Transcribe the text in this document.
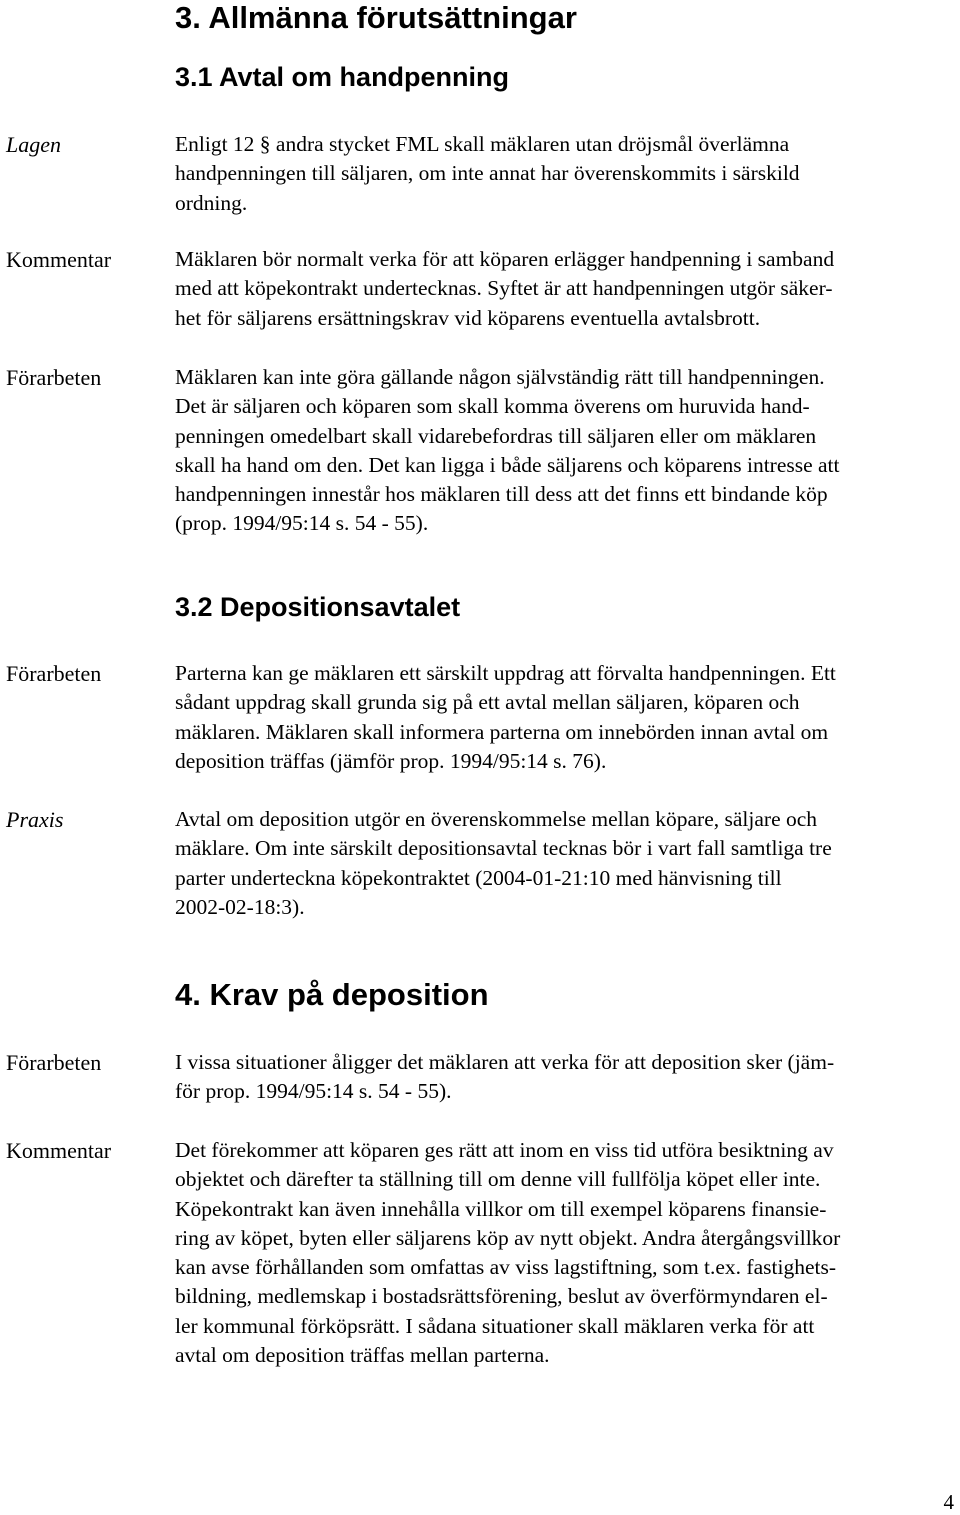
3. Allmänna förutsättningar
3.1 Avtal om handpenning
Lagen	Enligt 12 § andra stycket FML skall mäklaren utan dröjsmål överlämna
handpenningen till säljaren, om inte annat har överenskommits i särskild
ordning.
Kommentar	Mäklaren bör normalt verka för att köparen erlägger handpenning i samband
med att köpekontrakt undertecknas. Syftet är att handpenningen utgör säker-
het för säljarens ersättningskrav vid köparens eventuella avtalsbrott.
Förarbeten	Mäklaren kan inte göra gällande någon självständig rätt till handpenningen.
Det är säljaren och köparen som skall komma överens om huruvida hand-
penningen omedelbart skall vidarebefordras till säljaren eller om mäklaren
skall ha hand om den. Det kan ligga i både säljarens och köparens intresse att
handpenningen innestår hos mäklaren till dess att det finns ett bindande köp
(prop. 1994/95:14 s. 54 - 55).
3.2 Depositionsavtalet
Förarbeten	Parterna kan ge mäklaren ett särskilt uppdrag att förvalta handpenningen. Ett
sådant uppdrag skall grunda sig på ett avtal mellan säljaren, köparen och
mäklaren. Mäklaren skall informera parterna om innebörden innan avtal om
deposition träffas (jämför prop. 1994/95:14 s. 76).
Praxis	Avtal om deposition utgör en överenskommelse mellan köpare, säljare och
mäklare. Om inte särskilt depositionsavtal tecknas bör i vart fall samtliga tre
parter underteckna köpekontraktet (2004-01-21:10 med hänvisning till
2002-02-18:3).
4. Krav på deposition
Förarbeten	I vissa situationer åligger det mäklaren att verka för att deposition sker (jäm-
för prop. 1994/95:14 s. 54 - 55).
Kommentar	Det förekommer att köparen ges rätt att inom en viss tid utföra besiktning av
objektet och därefter ta ställning till om denne vill fullfölja köpet eller inte.
Köpekontrakt kan även innehålla villkor om till exempel köparens finansie-
ring av köpet, byten eller säljarens köp av nytt objekt. Andra återgångsvillkor
kan avse förhållanden som omfattas av viss lagstiftning, som t.ex. fastighets-
bildning, medlemskap i bostadsrättsförening, beslut av överförmyndaren el-
ler kommunal förköpsrätt. I sådana situationer skall mäklaren verka för att
avtal om deposition träffas mellan parterna.
4
